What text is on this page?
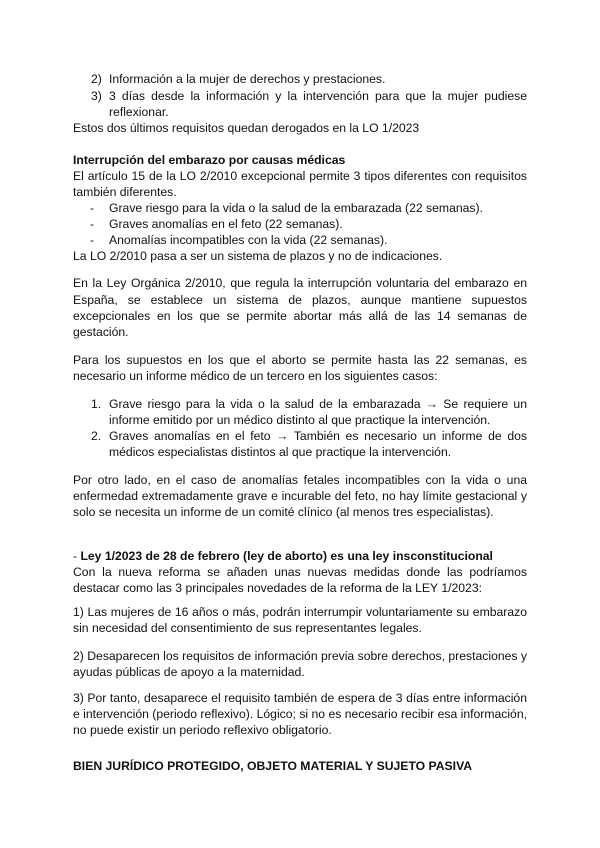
2) Información a la mujer de derechos y prestaciones.
3) 3 días desde la información y la intervención para que la mujer pudiese
reflexionar.
Estos dos últimos requisitos quedan derogados en la LO 1/2023
Interrupción del embarazo por causas médicas
El artículo 15 de la LO 2/2010 excepcional permite 3 tipos diferentes con requisitos
también diferentes.
- Grave riesgo para la vida o la salud de la embarazada (22 semanas).
- Graves anomalías en el feto (22 semanas).
- Anomalías incompatibles con la vida (22 semanas).
La LO 2/2010 pasa a ser un sistema de plazos y no de indicaciones.
En la Ley Orgánica 2/2010, que regula la interrupción voluntaria del embarazo en
España, se establece un sistema de plazos, aunque mantiene supuestos
excepcionales en los que se permite abortar más allá de las 14 semanas de
gestación.
Para los supuestos en los que el aborto se permite hasta las 22 semanas, es
necesario un informe médico de un tercero en los siguientes casos:
1. Grave riesgo para la vida o la salud de la embarazada → Se requiere un
informe emitido por un médico distinto al que practique la intervención.
2. Graves anomalías en el feto → También es necesario un informe de dos
médicos especialistas distintos al que practique la intervención.
Por otro lado, en el caso de anomalías fetales incompatibles con la vida o una
enfermedad extremadamente grave e incurable del feto, no hay límite gestacional y
solo se necesita un informe de un comité clínico (al menos tres especialistas).
- Ley 1/2023 de 28 de febrero (ley de aborto) es una ley insconstitucional
Con la nueva reforma se añaden unas nuevas medidas donde las podríamos
destacar como las 3 principales novedades de la reforma de la LEY 1/2023:
1) Las mujeres de 16 años o más, podrán interrumpir voluntariamente su embarazo
sin necesidad del consentimiento de sus representantes legales.
2) Desaparecen los requisitos de información previa sobre derechos, prestaciones y
ayudas públicas de apoyo a la maternidad.
3) Por tanto, desaparece el requisito también de espera de 3 días entre información
e intervención (periodo reflexivo). Lógico; si no es necesario recibir esa información,
no puede existir un periodo reflexivo obligatorio.
BIEN JURÍDICO PROTEGIDO, OBJETO MATERIAL Y SUJETO PASIVA
